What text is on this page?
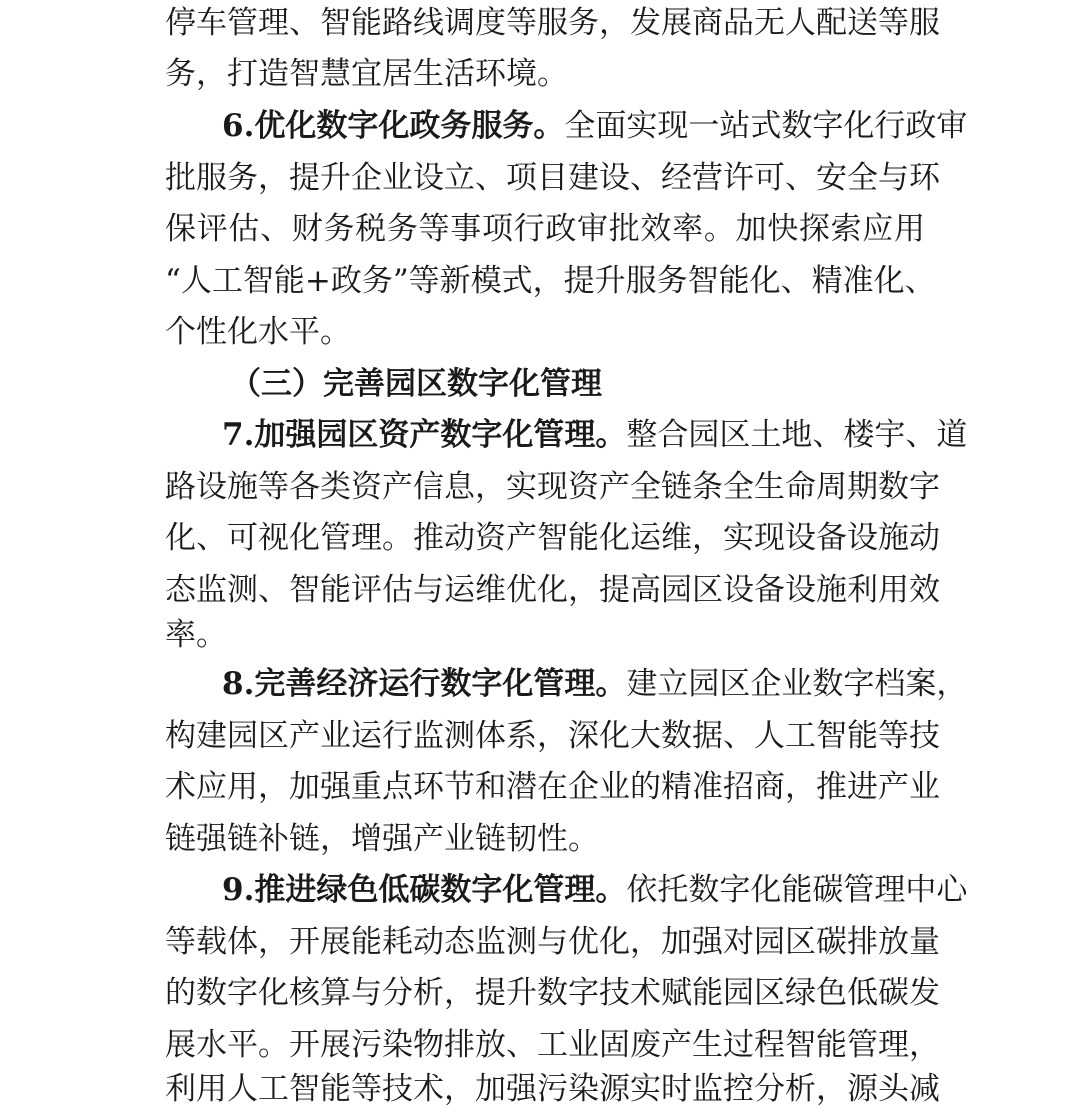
停车管理、智能路线调度等服务，发展商品无人配送等服
务，打造智慧宜居生活环境。
6.优化数字化政务服务。全面实现一站式数字化行政审
批服务，提升企业设立、项目建设、经营许可、安全与环
保评估、财务税务等事项行政审批效率。加快探索应用
“人工智能+政务”等新模式，提升服务智能化、精准化、
个性化水平。
（三）完善园区数字化管理
7.加强园区资产数字化管理。整合园区土地、楼宇、道
路设施等各类资产信息，实现资产全链条全生命周期数字
化、可视化管理。推动资产智能化运维，实现设备设施动
态监测、智能评估与运维优化，提高园区设备设施利用效
率。
8.完善经济运行数字化管理。建立园区企业数字档案，
构建园区产业运行监测体系，深化大数据、人工智能等技
术应用，加强重点环节和潜在企业的精准招商，推进产业
链强链补链，增强产业链韧性。
9.推进绿色低碳数字化管理。依托数字化能碳管理中心
等载体，开展能耗动态监测与优化，加强对园区碳排放量
的数字化核算与分析，提升数字技术赋能园区绿色低碳发
展水平。开展污染物排放、工业固废产生过程智能管理，
利用人工智能等技术，加强污染源实时监控分析，源头减
